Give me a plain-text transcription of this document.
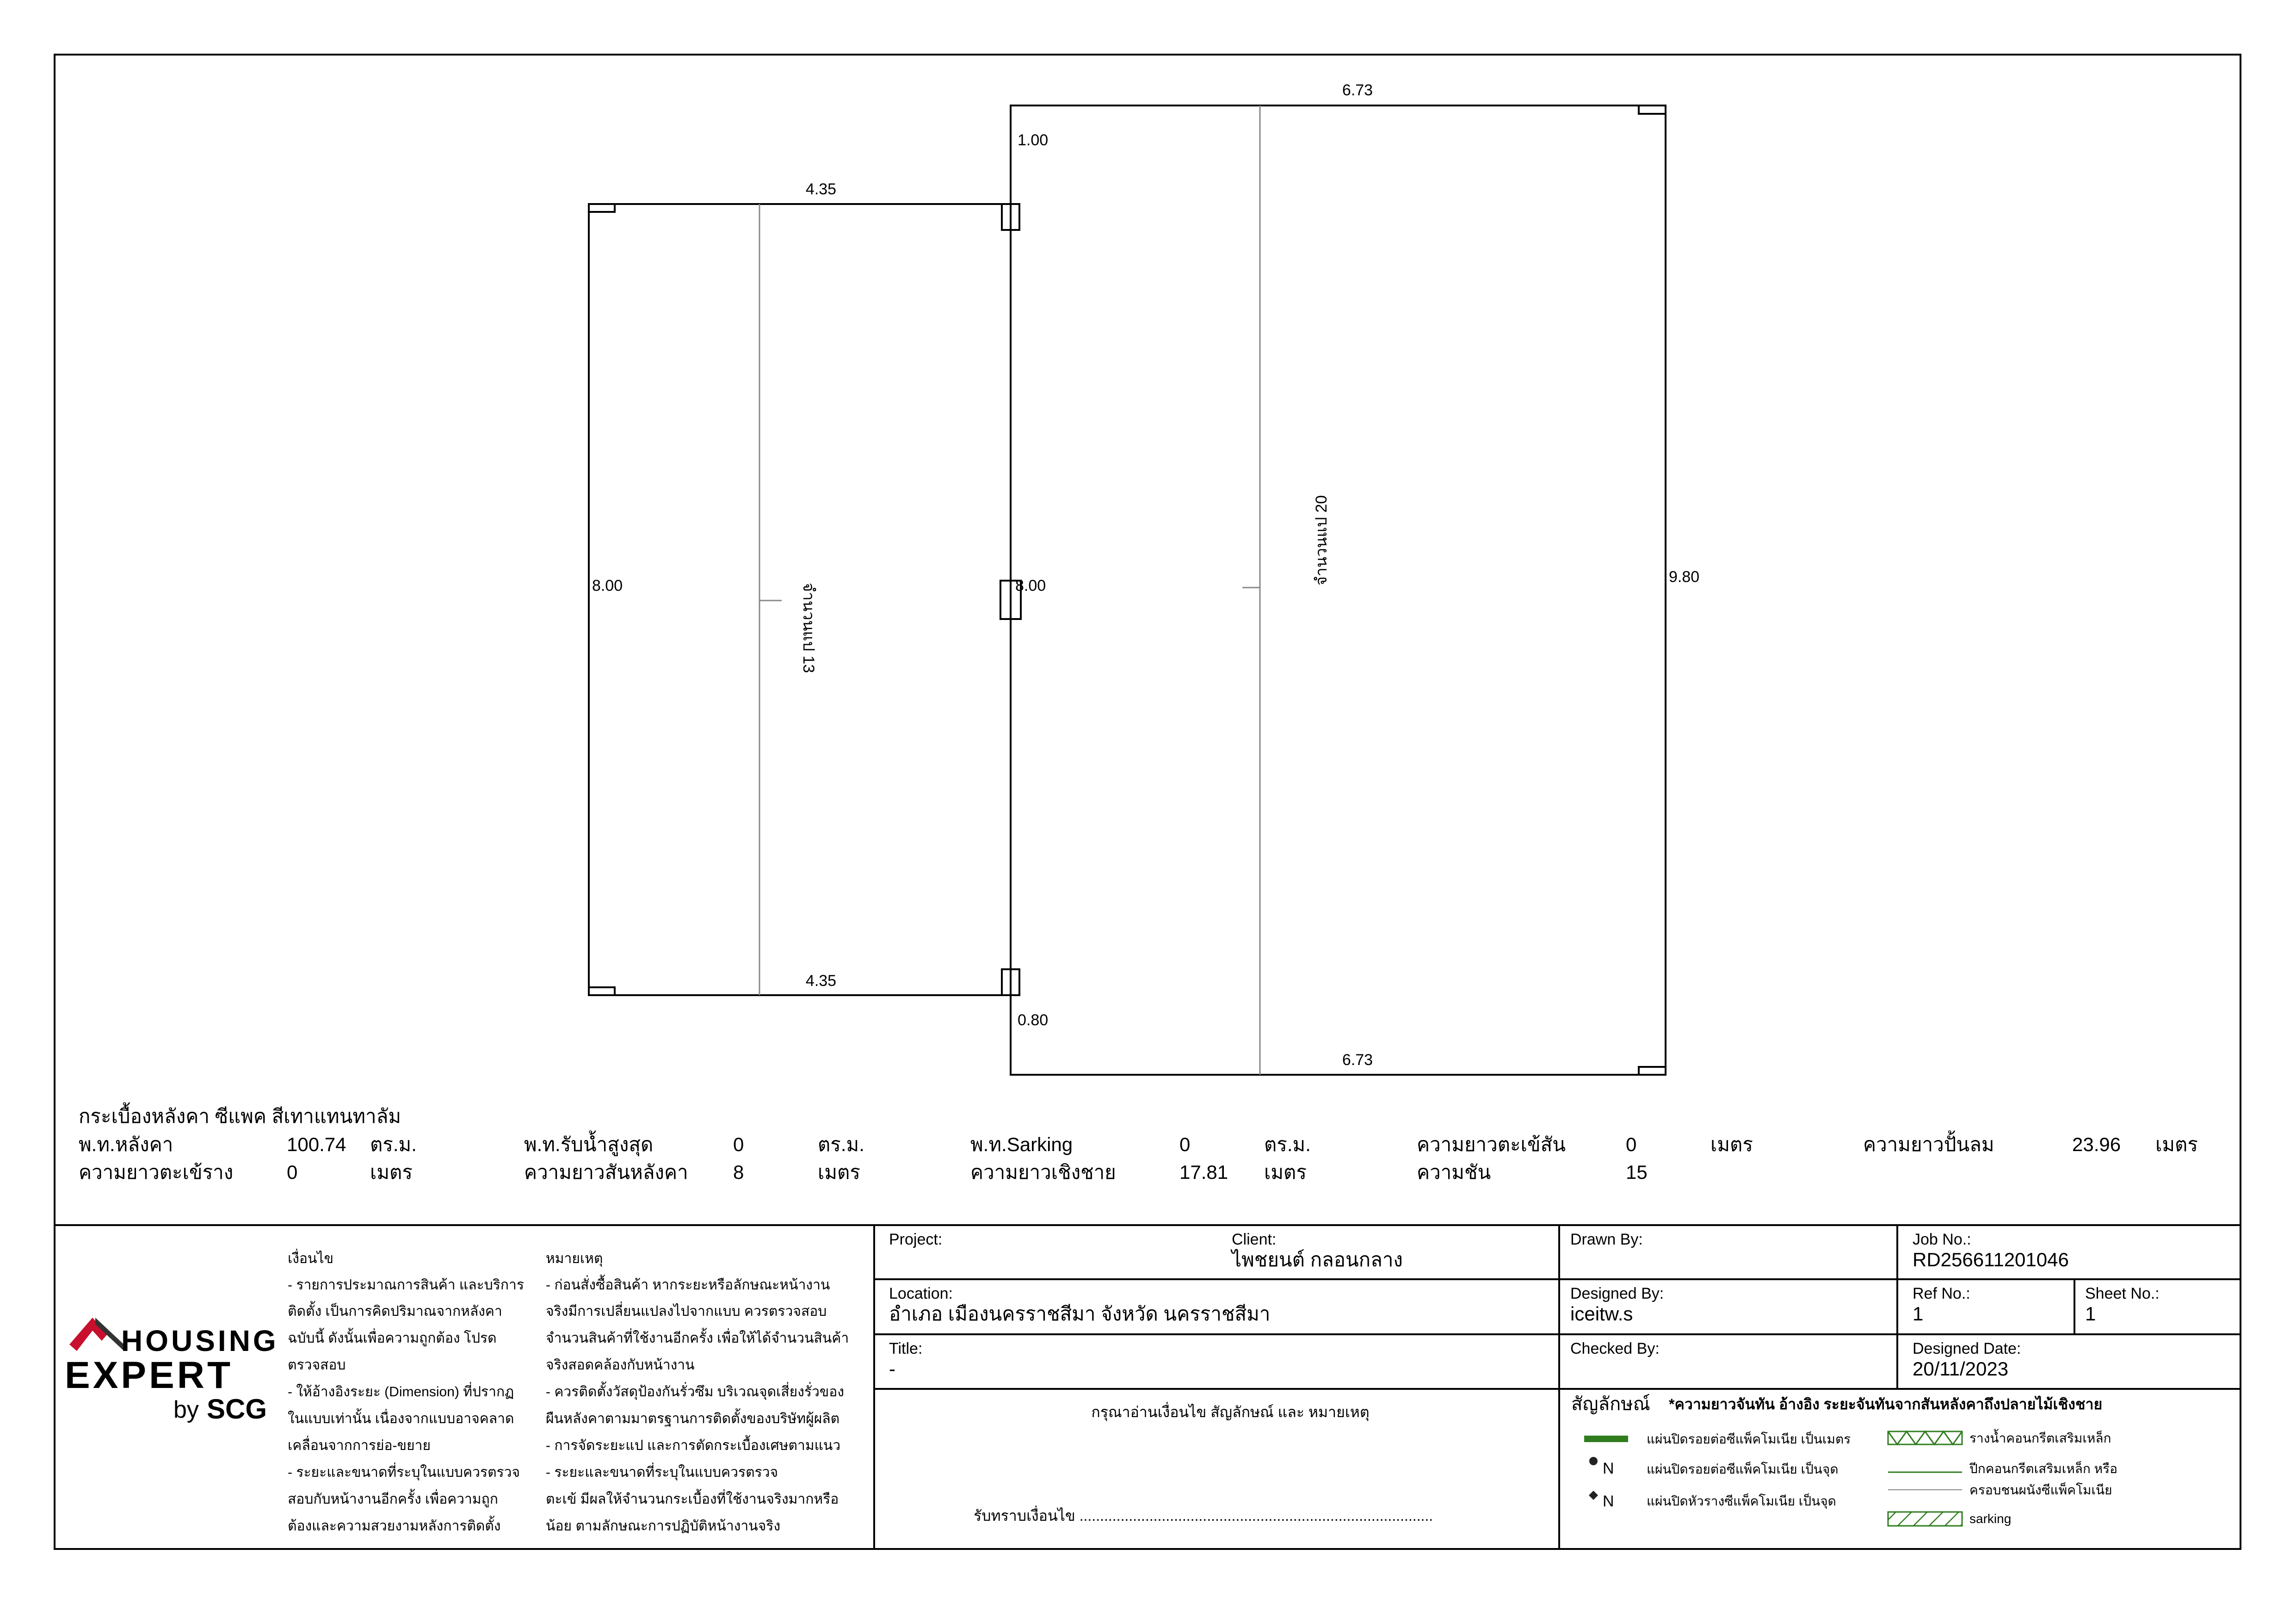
4.35
4.35
8.00	8.00
6.73
6.73
9.80
1.00
0.80
จำนวนแป 13
จำนวนแป 20
กระเบื้องหลังคา ซีแพค สีเทาแทนทาลัม
พ.ท.หลังคา	100.74 ตร.ม.	พ.ท.รับน้ำสูงสุด	0	ตร.ม.	พ.ท.Sarking	0	ตร.ม.	ความยาวตะเข้สัน	0	เมตร	ความยาวปั้นลม	23.96 เมตร
ความยาวตะเข้ราง	0	เมตร	ความยาวสันหลังคา 8	เมตร	ความยาวเชิงชาย	17.81 เมตร	ความชัน	15
HOUSING
EXPERT
by SCG
เงื่อนไข
- รายการประมาณการสินค้า และบริการ
ติดตั้ง เป็นการคิดปริมาณจากหลังคา
ฉบับนี้ ดังนั้นเพื่อความถูกต้อง โปรด
ตรวจสอบ
- ให้อ้างอิงระยะ (Dimension) ที่ปรากฏ
ในแบบเท่านั้น เนื่องจากแบบอาจคลาด
เคลื่อนจากการย่อ-ขยาย
- ระยะและขนาดที่ระบุในแบบควรตรวจ
สอบกับหน้างานอีกครั้ง เพื่อความถูก
ต้องและความสวยงามหลังการติดตั้ง
หมายเหตุ
- ก่อนสั่งซื้อสินค้า หากระยะหรือลักษณะหน้างาน
จริงมีการเปลี่ยนแปลงไปจากแบบ ควรตรวจสอบ
จำนวนสินค้าที่ใช้งานอีกครั้ง เพื่อให้ได้จำนวนสินค้า
จริงสอดคล้องกับหน้างาน
- ควรติดตั้งวัสดุป้องกันรั่วซึม บริเวณจุดเสี่ยงรั่วของ
ผืนหลังคาตามมาตรฐานการติดตั้งของบริษัทผู้ผลิต
- การจัดระยะแป และการตัดกระเบื้องเศษตามแนว
- ระยะและขนาดที่ระบุในแบบควรตรวจ
ตะเข้ มีผลให้จำนวนกระเบื้องที่ใช้งานจริงมากหรือ
น้อย ตามลักษณะการปฏิบัติหน้างานจริง
Project:	Client:
ไพชยนต์ กลอนกลาง
Location:
อำเภอ เมืองนครราชสีมา จังหวัด นครราชสีมา
Title:
-
กรุณาอ่านเงื่อนไข สัญลักษณ์ และ หมายเหตุ
รับทราบเงื่อนไข ......................................................................................
Drawn By:
Designed By:
iceitw.s
Checked By:
Job No.:
RD256611201046
Ref No.:
1
Sheet No.:
1
Designed Date:
20/11/2023
สัญลักษณ์ *ความยาวจันทัน อ้างอิง ระยะจันทันจากสันหลังคาถึงปลายไม้เชิงชาย
แผ่นปิดรอยต่อซีแพ็คโมเนีย เป็นเมตร
N	แผ่นปิดรอยต่อซีแพ็คโมเนีย เป็นจุด
N	แผ่นปิดหัวรางซีแพ็คโมเนีย เป็นจุด
รางน้ำคอนกรีตเสริมเหล็ก
ปีกคอนกรีตเสริมเหล็ก หรือ
ครอบชนผนังซีแพ็คโมเนีย
sarking
